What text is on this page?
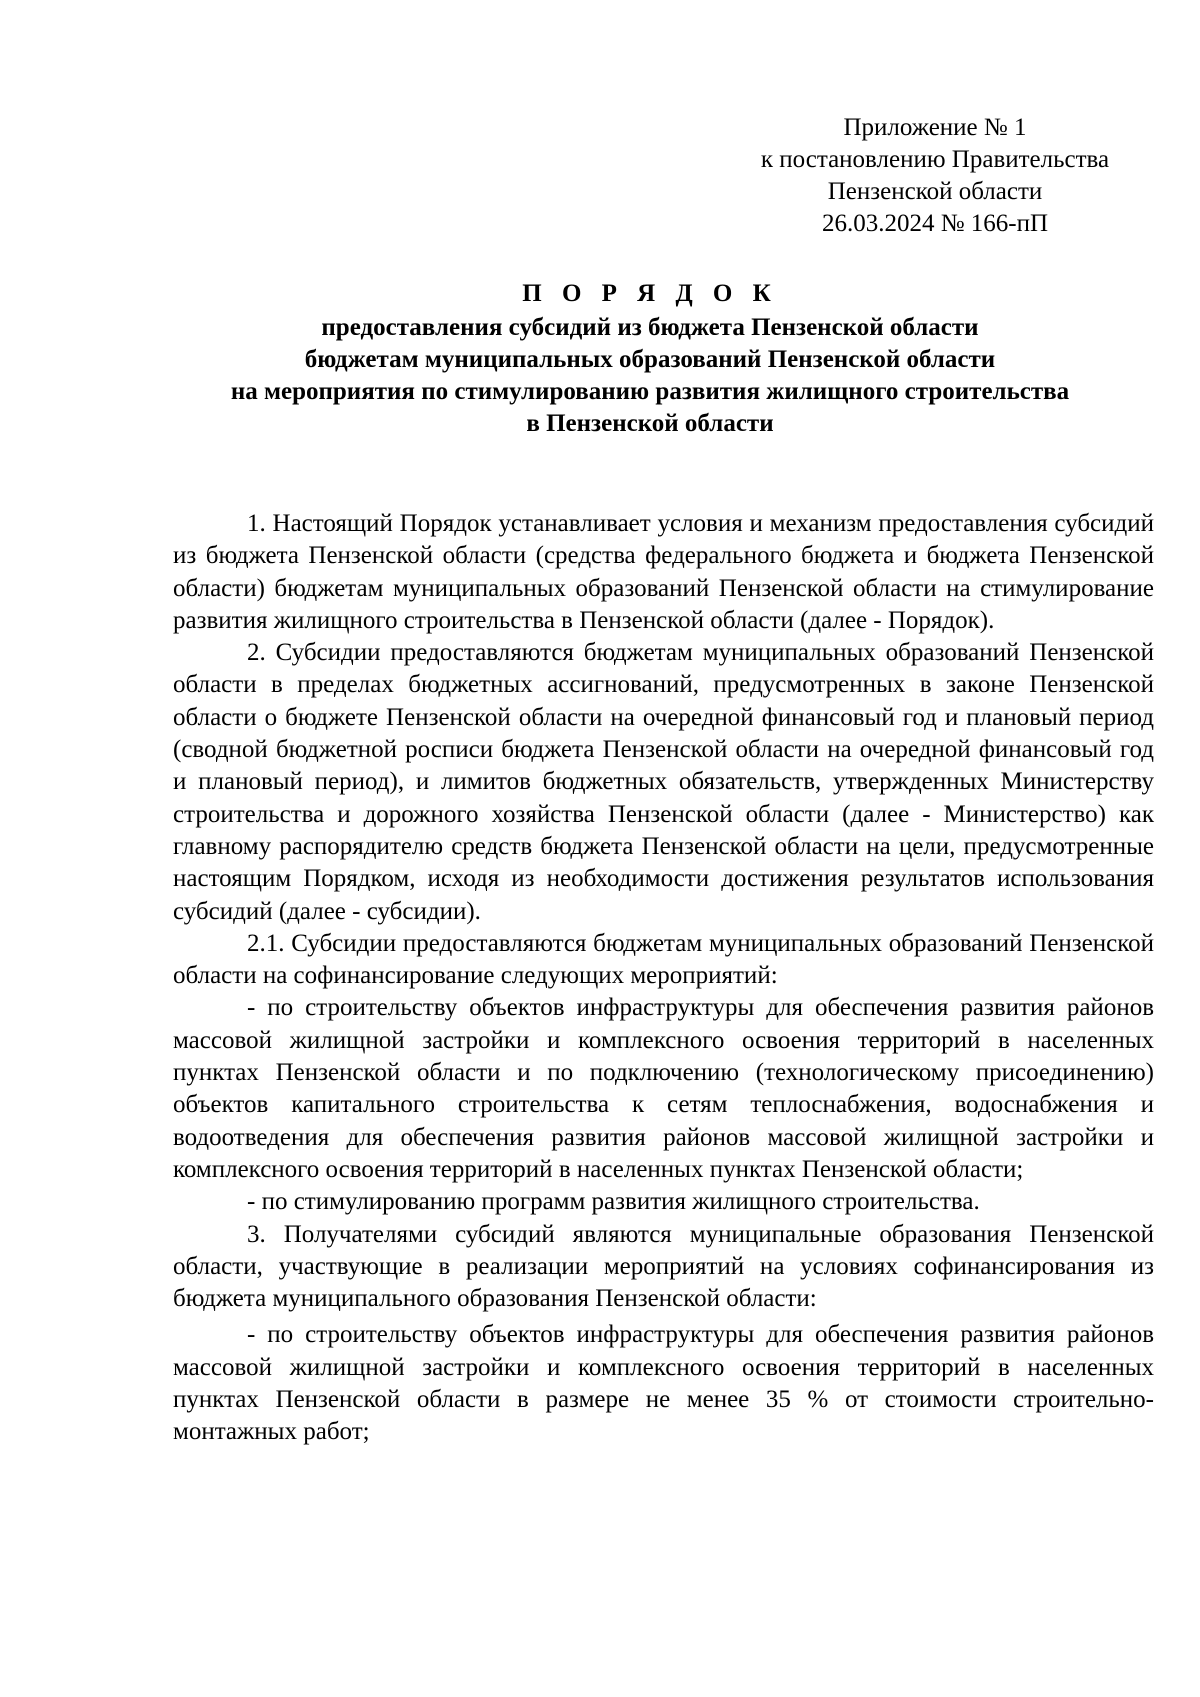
Приложение № 1
к постановлению Правительства
Пензенской области
26.03.2024 № 166-пП
П О Р Я Д О К
предоставления субсидий из бюджета Пензенской области
бюджетам муниципальных образований Пензенской области
на мероприятия по стимулированию развития жилищного строительства
в Пензенской области

1. Настоящий Порядок устанавливает условия и механизм предоставления субсидий из бюджета Пензенской области (средства федерального бюджета и бюджета Пензенской области) бюджетам муниципальных образований Пензенской области на стимулирование развития жилищного строительства в Пензенской области (далее - Порядок).

2. Субсидии предоставляются бюджетам муниципальных образований Пензенской области в пределах бюджетных ассигнований, предусмотренных в законе Пензенской области о бюджете Пензенской области на очередной финансовый год и плановый период (сводной бюджетной росписи бюджета Пензенской области на очередной финансовый год и плановый период), и лимитов бюджетных обязательств, утвержденных Министерству строительства и дорожного хозяйства Пензенской области (далее - Министерство) как главному распорядителю средств бюджета Пензенской области на цели, предусмотренные настоящим Порядком, исходя из необходимости достижения результатов использования субсидий (далее - субсидии).

2.1. Субсидии предоставляются бюджетам муниципальных образований Пензенской области на софинансирование следующих мероприятий:

- по строительству объектов инфраструктуры для обеспечения развития районов массовой жилищной застройки и комплексного освоения территорий в населенных пунктах Пензенской области и по подключению (технологическому присоединению) объектов капитального строительства к сетям теплоснабжения, водоснабжения и водоотведения для обеспечения развития районов массовой жилищной застройки и комплексного освоения территорий в населенных пунктах Пензенской области;

- по стимулированию программ развития жилищного строительства.

3. Получателями субсидий являются муниципальные образования Пензенской области, участвующие в реализации мероприятий на условиях софинансирования из бюджета муниципального образования Пензенской области:

- по строительству объектов инфраструктуры для обеспечения развития районов массовой жилищной застройки и комплексного освоения территорий в населенных пунктах Пензенской области в размере не менее 35 % от стоимости строительно-монтажных работ;
